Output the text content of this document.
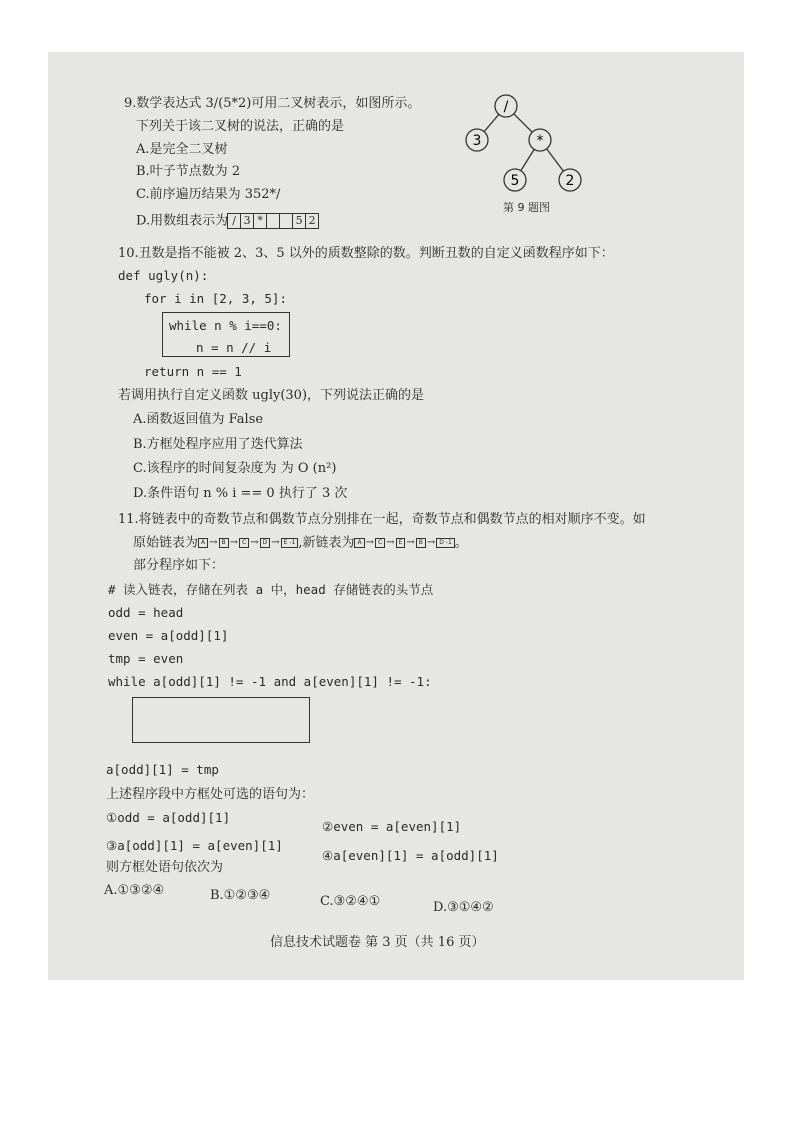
9.数学表达式 3/(5*2)可用二叉树表示，如图所示。
下列关于该二叉树的说法，正确的是
A.是完全二叉树
B.叶子节点数为 2
C.前序遍历结果为 352*/
D.用数组表示为 / 3 *	5 2
/
3	*
5	2
第 9 题图
10.丑数是指不能被 2、3、5 以外的质数整除的数。判断丑数的自定义函数程序如下：
def ugly(n):
for i in [2, 3, 5]:
while n % i==0:
n = n // i
return n == 1
若调用执行自定义函数 ugly(30)，下列说法正确的是
A.函数返回值为 False
B.方框处程序应用了迭代算法
C.该程序的时间复杂度为 为 O (n²)
D.条件语句 n % i == 0 执行了 3 次
11.将链表中的奇数节点和偶数节点分别排在一起，奇数节点和偶数节点的相对顺序不变。如
原始链表为 A → B → C → D → E -1 ,新链表为 A → C → E → B → D -1 。
部分程序如下：
# 读入链表，存储在列表 a 中，head 存储链表的头节点
odd = head
even = a[odd][1]
tmp = even
while a[odd][1] != -1 and a[even][1] != -1:
a[odd][1] = tmp
上述程序段中方框处可选的语句为：
①odd = a[odd][1]
②even = a[even][1]
③a[odd][1] = a[even][1]
④a[even][1] = a[odd][1]
则方框处语句依次为
A.①③②④	B.①②③④	C.③②④①	D.③①④②
信息技术试题卷 第 3 页（共 16 页）
